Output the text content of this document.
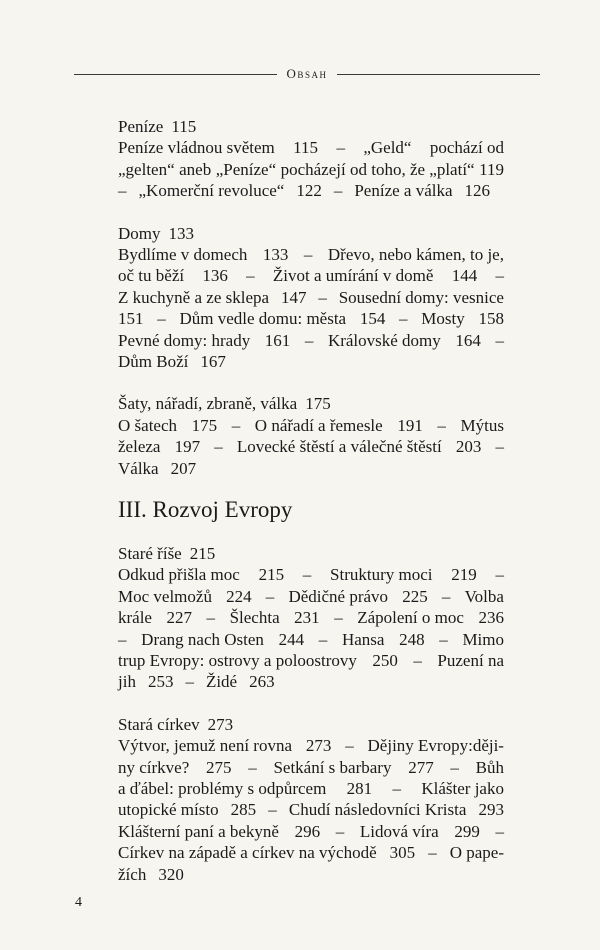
Obsah
Peníze 115
Peníze vládnou světem 115 – „Geld“ pochází od
„gelten“ aneb „Peníze“ pocházejí od toho, že „platí“ 119
– „Komerční revoluce“ 122 – Peníze a válka 126
Domy 133
Bydlíme v domech 133 – Dřevo, nebo kámen, to je,
oč tu běží 136 – Život a umírání v domě 144 –
Z kuchyně a ze sklepa 147 – Sousední domy: vesnice
151 – Dům vedle domu: města 154 – Mosty 158
Pevné domy: hrady 161 – Královské domy 164 –
Dům Boží 167
Šaty, nářadí, zbraně, válka 175
O šatech 175 – O nářadí a řemesle 191 – Mýtus
železa 197 – Lovecké štěstí a válečné štěstí 203 –
Válka 207
III. Rozvoj Evropy
Staré říše 215
Odkud přišla moc 215 – Struktury moci 219 –
Moc velmožů 224 – Dědičné právo 225 – Volba
krále 227 – Šlechta 231 – Zápolení o moc 236
– Drang nach Osten 244 – Hansa 248 – Mimo
trup Evropy: ostrovy a poloostrovy 250 – Puzení na
jih 253 – Židé 263
Stará církev 273
Výtvor, jemuž není rovna 273 – Dějiny Evropy:ději-
ny církve? 275 – Setkání s barbary 277 – Bůh
a ďábel: problémy s odpůrcem 281 – Klášter jako
utopické místo 285 – Chudí následovníci Krista 293
Klášterní paní a bekyně 296 – Lidová víra 299 –
Církev na západě a církev na východě 305 – O pape-
žích 320
4
